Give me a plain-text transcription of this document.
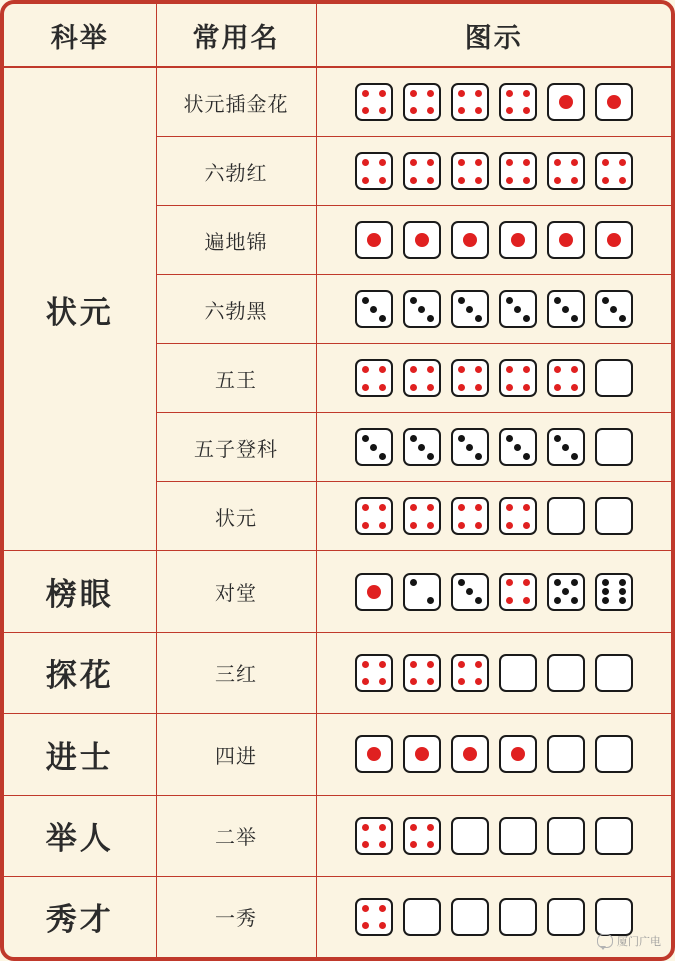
科举	常用名	图示
状元	状元插金花	

	六勃红	

	遍地锦	

	六勃黑	

	五王	

	五子登科	

	状元	

榜眼	对堂	

探花	三红	

进士	四进	

举人	二举	

秀才	一秀	
厦门广电
